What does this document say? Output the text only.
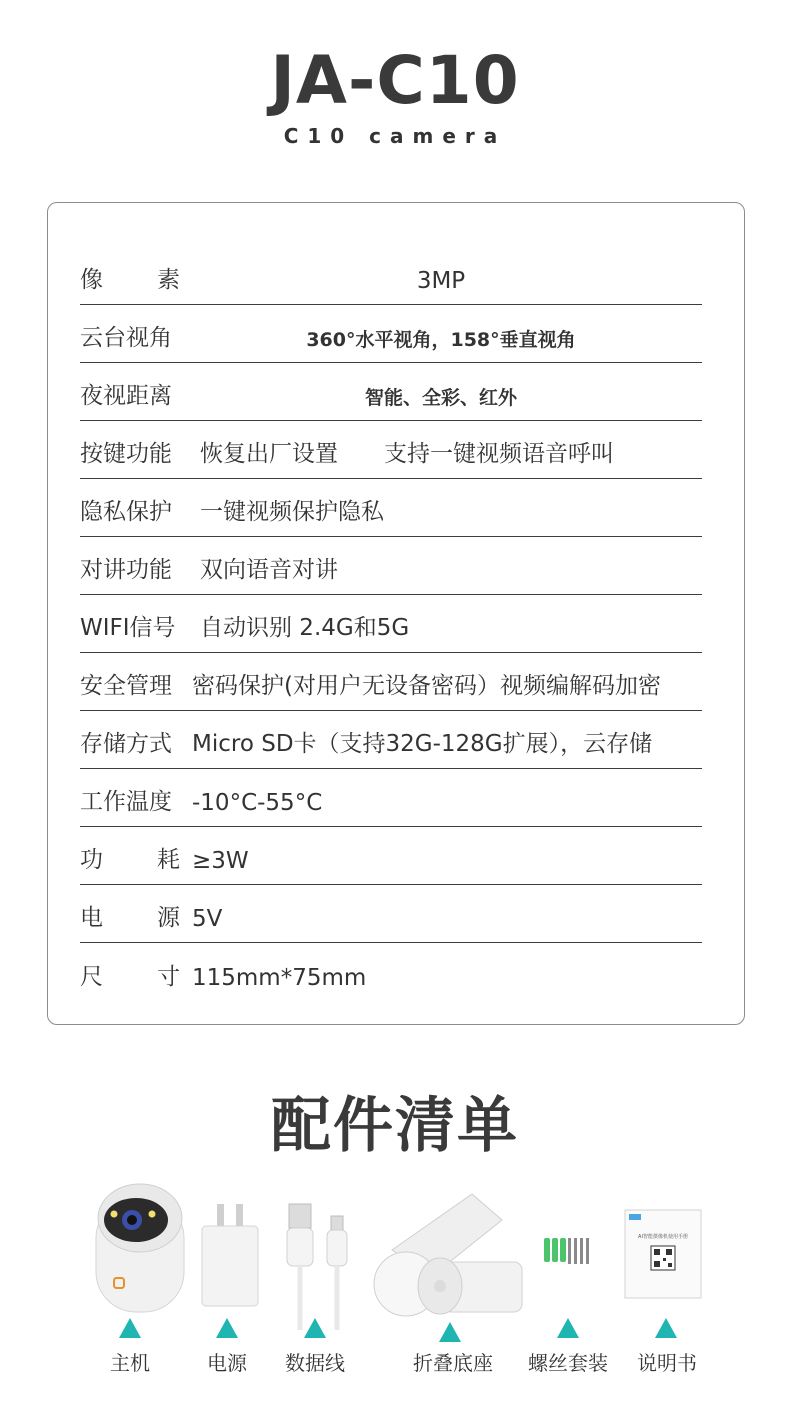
JA-C10
C10 camera
像 素	3MP
云台视角	360°水平视角，158°垂直视角
夜视距离	智能、全彩、红外
按键功能 恢复出厂设置　　支持一键视频语音呼叫
隐私保护 一键视频保护隐私
对讲功能 双向语音对讲
WIFI信号 自动识别 2.4G和5G
安全管理 密码保护(对用户无设备密码）视频编解码加密
存储方式 Micro SD卡（支持32G-128G扩展），云存储
工作温度 -10°C-55°C
功 耗 ≥3W
电 源 5V
尺 寸 115mm*75mm
配件清单
AI智能摄像机使用手册
主机	电源 数据线	折叠底座 螺丝套装 说明书
